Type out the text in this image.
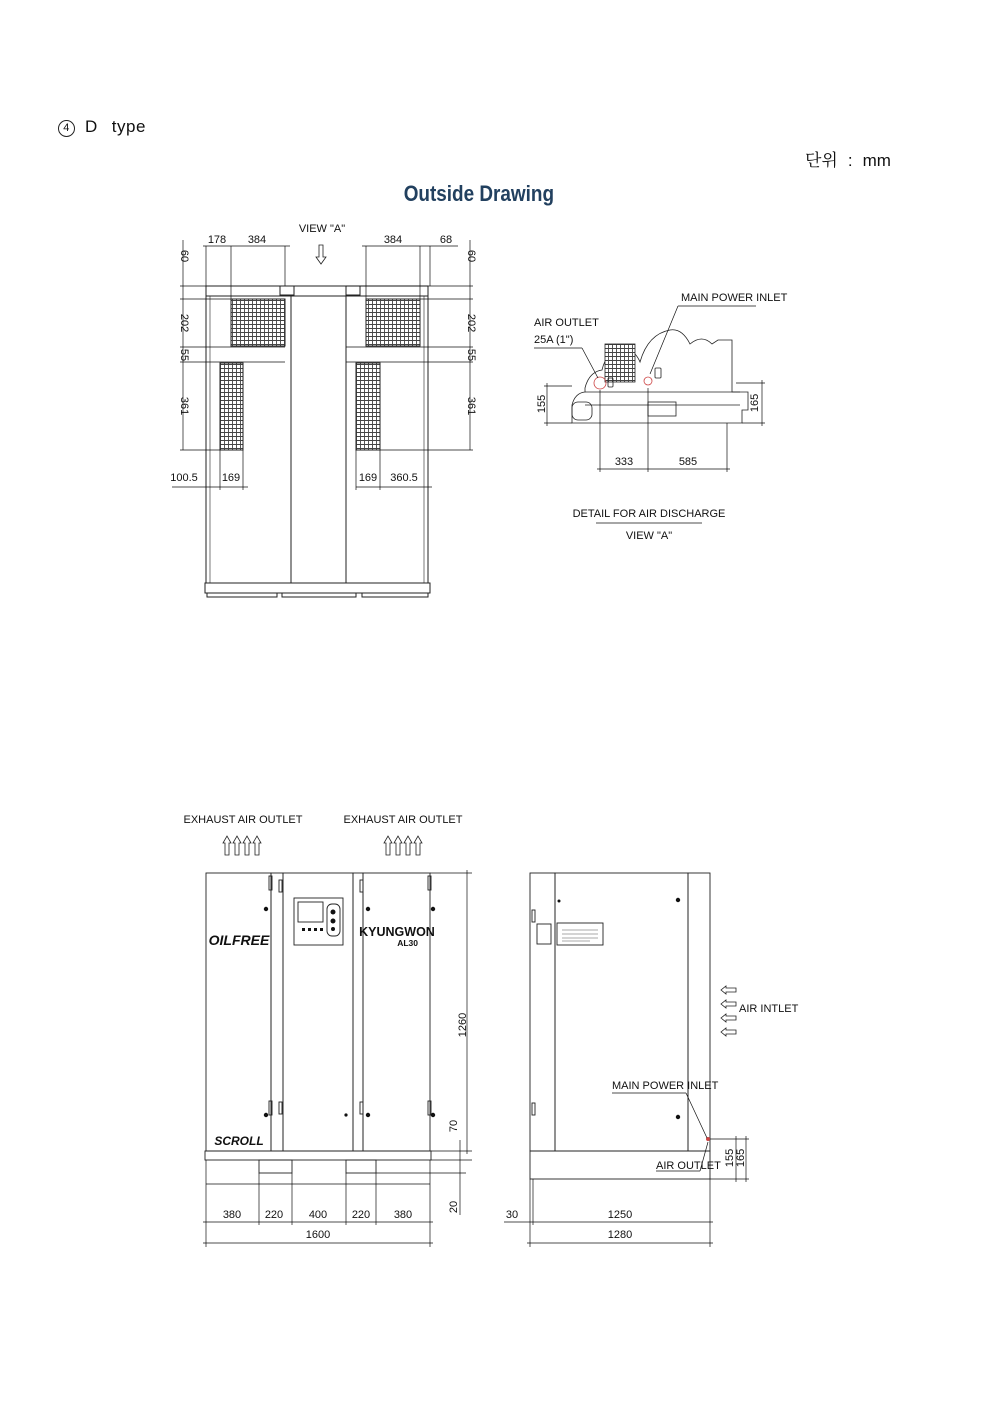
4 D type
단위 : mm
Outside Drawing
VIEW "A"
178 384	384	68
60
202
55
361
60
202
55
361
100.5 169	169 360.5
AIR OUTLET
25A (1")
MAIN POWER INLET
155	165
333	585
DETAIL FOR AIR DISCHARGE
VIEW "A"
OILFREE	KYUNGWON
AL30
SCROLL
EXHAUST AIR OUTLET	EXHAUST AIR OUTLET
1260
70
20
380 220 400 220 380
1600
AIR INTLET
MAIN POWER INLET
AIR OUTLET 155 165
30	1250
1280
